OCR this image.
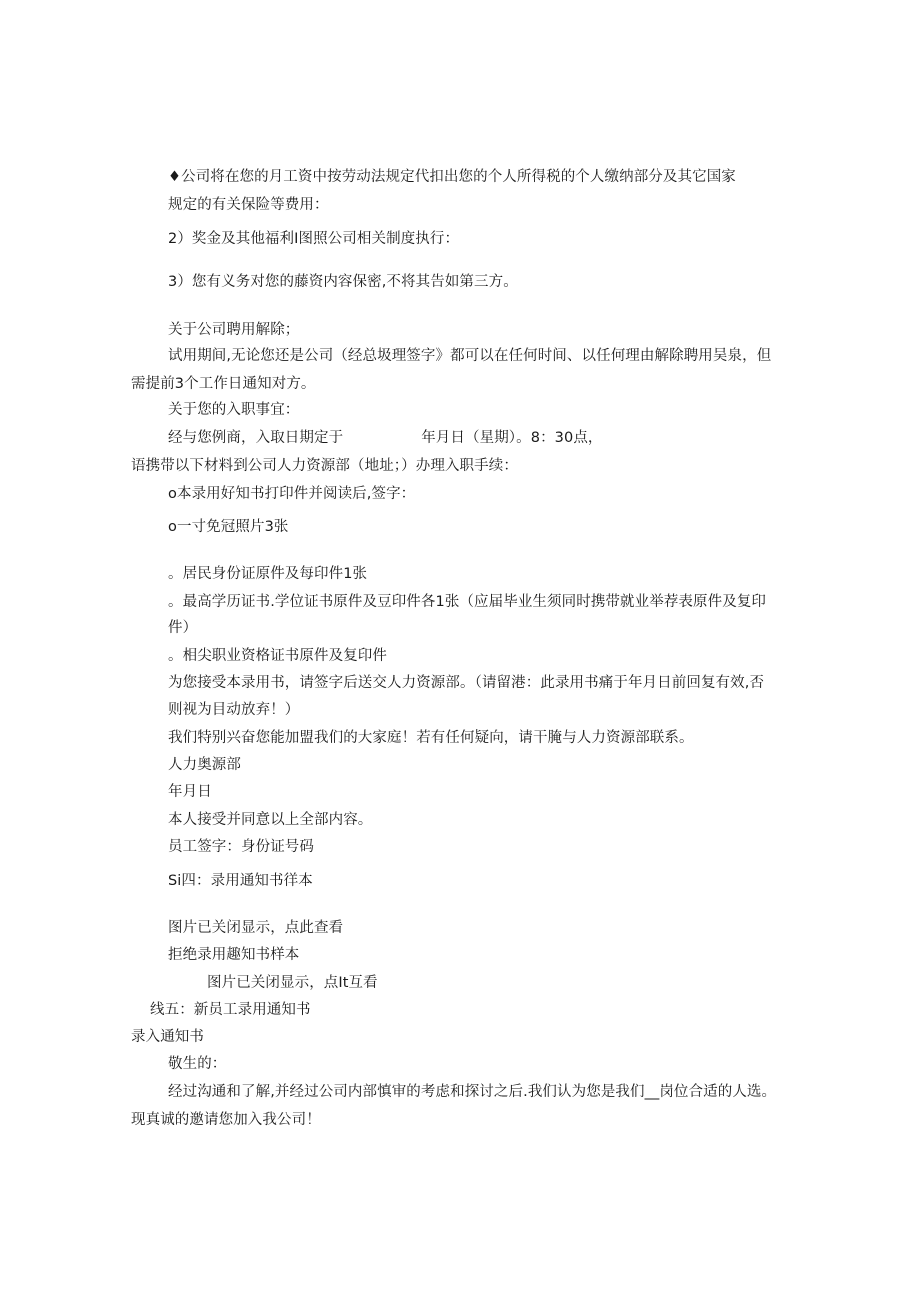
♦公司将在您的月工资中按劳动法规定代扣出您的个人所得税的个人缴纳部分及其它国家
规定的有关保险等费用：
2）奖金及其他福利I图照公司相关制度执行：
3）您有义务对您的藤资内容保密,不将其告如第三方。
关于公司聘用解除；
试用期间,无论您还是公司（经总圾理签字》都可以在任何时间、以任何理由解除聘用吴泉，但
需提前3个工作日通知对方。
关于您的入职事宜：
经与您例商，入取日期定于	年月日（星期）。8：30点，
语携带以下材料到公司人力资源部（地址；）办理入职手续：
o本录用好知书打印件并阅读后,签字：
o一寸免冠照片3张
。居民身份证原件及每印件1张
。最高学历证书.学位证书原件及豆印件各1张（应届毕业生须同时携带就业举荐表原件及复印
件）
。相尖职业资格证书原件及复印件
为您接受本录用书，请签字后送交人力资源部。（请留港：此录用书痛于年月日前回复有效,否
则视为目动放弃！）
我们特别兴奋您能加盟我们的大家庭！若有任何疑向，请干腌与人力资源部联系。
人力奥源部
年月日
本人接受并同意以上全部内容。
员工签字：身份证号码
Si四：录用通知书徉本
图片已关闭显示，点此查看
拒绝录用趣知书样本
图片已关闭显示，点It互看
线五：新员工录用通知书
录入通知书
敬生的：
经过沟通和了解,并经过公司内部慎审的考虑和探讨之后.我们认为您是我们__岗位合适的人选。
现真诚的邀请您加入我公司！
